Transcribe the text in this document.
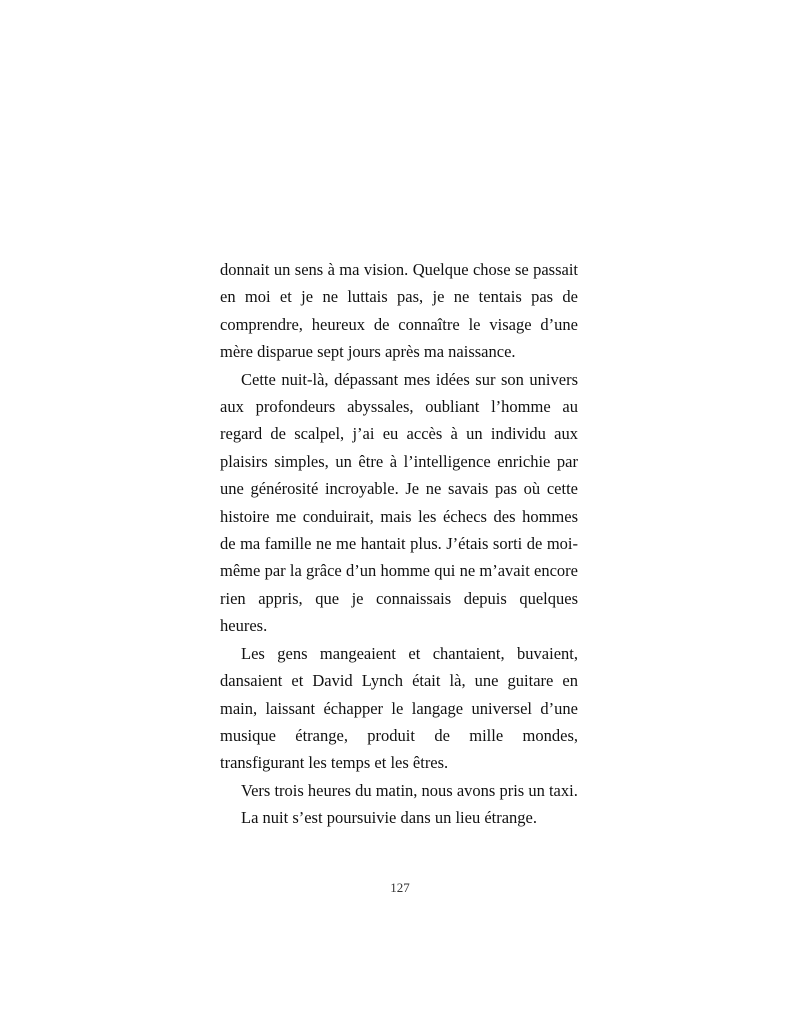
donnait un sens à ma vision. Quelque chose se passait en moi et je ne luttais pas, je ne tentais pas de comprendre, heureux de connaître le visage d’une mère disparue sept jours après ma naissance.

Cette nuit-là, dépassant mes idées sur son univers aux profondeurs abyssales, oubliant l’homme au regard de scalpel, j’ai eu accès à un individu aux plaisirs simples, un être à l’intelligence enrichie par une générosité incroyable. Je ne savais pas où cette histoire me conduirait, mais les échecs des hommes de ma famille ne me hantait plus. J’étais sorti de moi-même par la grâce d’un homme qui ne m’avait encore rien appris, que je connaissais depuis quelques heures.

Les gens mangeaient et chantaient, buvaient, dansaient et David Lynch était là, une guitare en main, laissant échapper le langage universel d’une musique étrange, produit de mille mondes, transfigurant les temps et les êtres.

Vers trois heures du matin, nous avons pris un taxi.

La nuit s’est poursuivie dans un lieu étrange.

127
